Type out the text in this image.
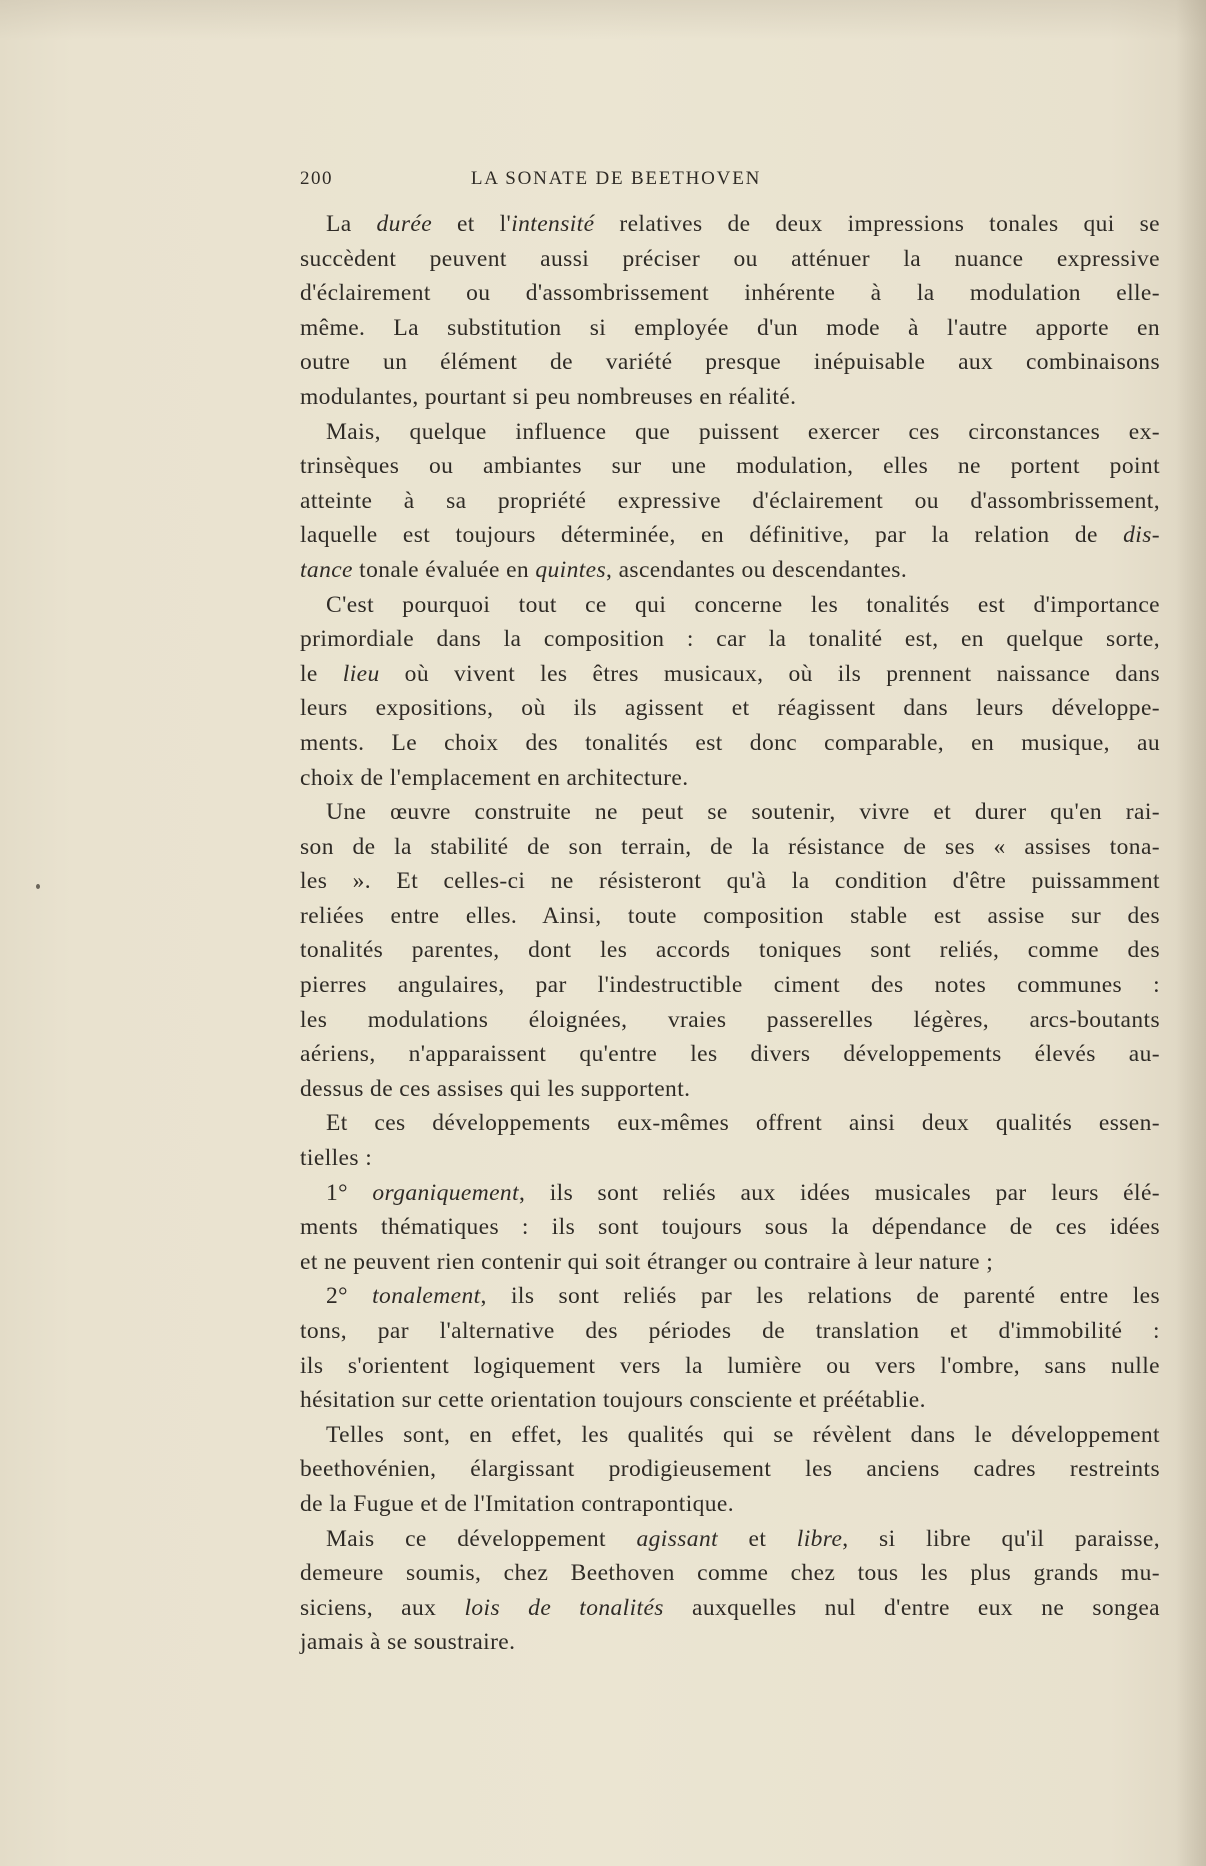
200	LA SONATE DE BEETHOVEN
La durée et l'intensité relatives de deux impressions tonales qui se
succèdent peuvent aussi préciser ou atténuer la nuance expressive
d'éclairement ou d'assombrissement inhérente à la modulation elle-
même. La substitution si employée d'un mode à l'autre apporte en
outre un élément de variété presque inépuisable aux combinaisons
modulantes, pourtant si peu nombreuses en réalité.
Mais, quelque influence que puissent exercer ces circonstances ex-
trinsèques ou ambiantes sur une modulation, elles ne portent point
atteinte à sa propriété expressive d'éclairement ou d'assombrissement,
laquelle est toujours déterminée, en définitive, par la relation de dis-
tance tonale évaluée en quintes, ascendantes ou descendantes.
C'est pourquoi tout ce qui concerne les tonalités est d'importance
primordiale dans la composition : car la tonalité est, en quelque sorte,
le lieu où vivent les êtres musicaux, où ils prennent naissance dans
leurs expositions, où ils agissent et réagissent dans leurs développe-
ments. Le choix des tonalités est donc comparable, en musique, au
choix de l'emplacement en architecture.
Une œuvre construite ne peut se soutenir, vivre et durer qu'en rai-
son de la stabilité de son terrain, de la résistance de ses « assises tona-
les ». Et celles-ci ne résisteront qu'à la condition d'être puissamment
reliées entre elles. Ainsi, toute composition stable est assise sur des
tonalités parentes, dont les accords toniques sont reliés, comme des
pierres angulaires, par l'indestructible ciment des notes communes :
les modulations éloignées, vraies passerelles légères, arcs-boutants
aériens, n'apparaissent qu'entre les divers développements élevés au-
dessus de ces assises qui les supportent.
Et ces développements eux-mêmes offrent ainsi deux qualités essen-
tielles :
1° organiquement, ils sont reliés aux idées musicales par leurs élé-
ments thématiques : ils sont toujours sous la dépendance de ces idées
et ne peuvent rien contenir qui soit étranger ou contraire à leur nature ;
2° tonalement, ils sont reliés par les relations de parenté entre les
tons, par l'alternative des périodes de translation et d'immobilité :
ils s'orientent logiquement vers la lumière ou vers l'ombre, sans nulle
hésitation sur cette orientation toujours consciente et préétablie.
Telles sont, en effet, les qualités qui se révèlent dans le développement
beethovénien, élargissant prodigieusement les anciens cadres restreints
de la Fugue et de l'Imitation contrapontique.
Mais ce développement agissant et libre, si libre qu'il paraisse,
demeure soumis, chez Beethoven comme chez tous les plus grands mu-
siciens, aux lois de tonalités auxquelles nul d'entre eux ne songea
jamais à se soustraire.
